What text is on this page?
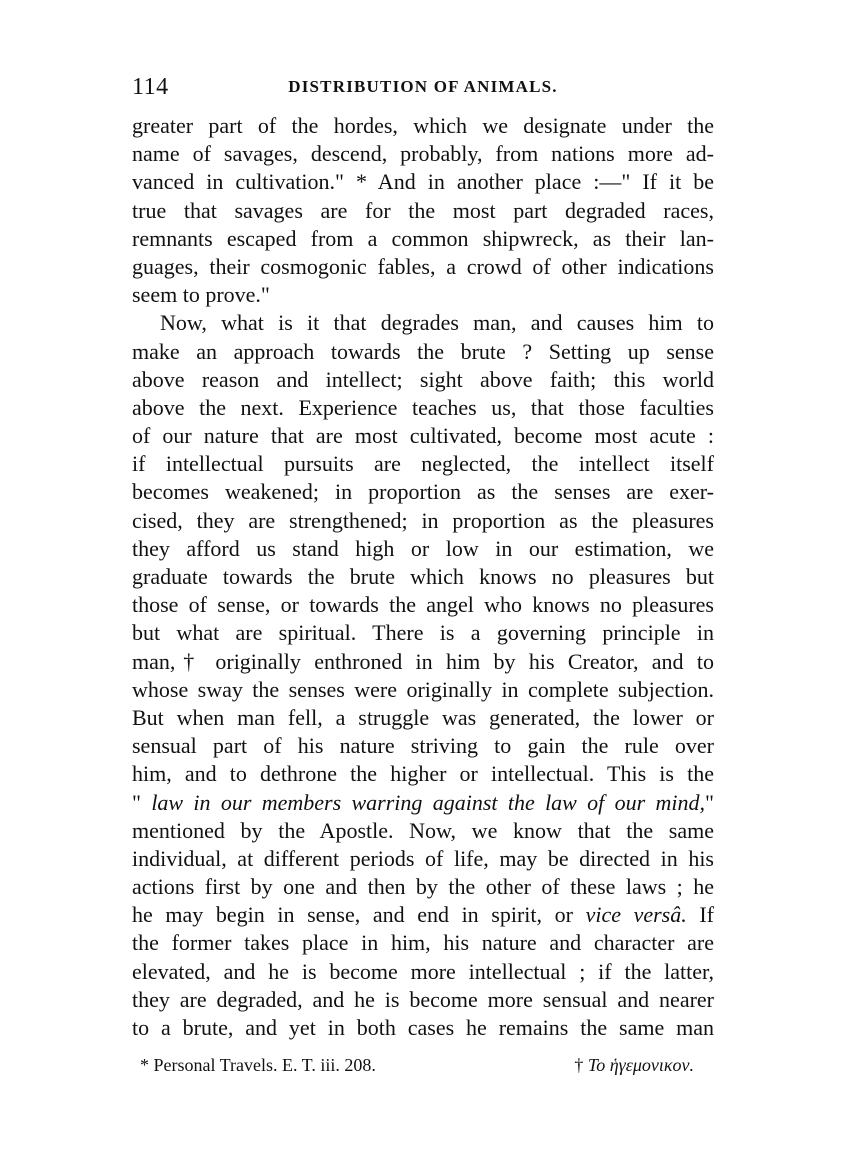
114	DISTRIBUTION OF ANIMALS.
greater part of the hordes, which we designate under the
name of savages, descend, probably, from nations more ad-
vanced in cultivation." * And in another place :—" If it be
true that savages are for the most part degraded races,
remnants escaped from a common shipwreck, as their lan-
guages, their cosmogonic fables, a crowd of other indications
seem to prove."
Now, what is it that degrades man, and causes him to
make an approach towards the brute ? Setting up sense
above reason and intellect; sight above faith; this world
above the next. Experience teaches us, that those faculties
of our nature that are most cultivated, become most acute :
if intellectual pursuits are neglected, the intellect itself
becomes weakened; in proportion as the senses are exer-
cised, they are strengthened; in proportion as the pleasures
they afford us stand high or low in our estimation, we
graduate towards the brute which knows no pleasures but
those of sense, or towards the angel who knows no pleasures
but what are spiritual. There is a governing principle in
man,† originally enthroned in him by his Creator, and to
whose sway the senses were originally in complete subjection.
But when man fell, a struggle was generated, the lower or
sensual part of his nature striving to gain the rule over
him, and to dethrone the higher or intellectual. This is the
" law in our members warring against the law of our mind,"
mentioned by the Apostle. Now, we know that the same
individual, at different periods of life, may be directed in his
actions first by one and then by the other of these laws ; he
he may begin in sense, and end in spirit, or vice versâ. If
the former takes place in him, his nature and character are
elevated, and he is become more intellectual ; if the latter,
they are degraded, and he is become more sensual and nearer
to a brute, and yet in both cases he remains the same man
* Personal Travels. E. T. iii. 208.	† Το ἡγεμονικον.
